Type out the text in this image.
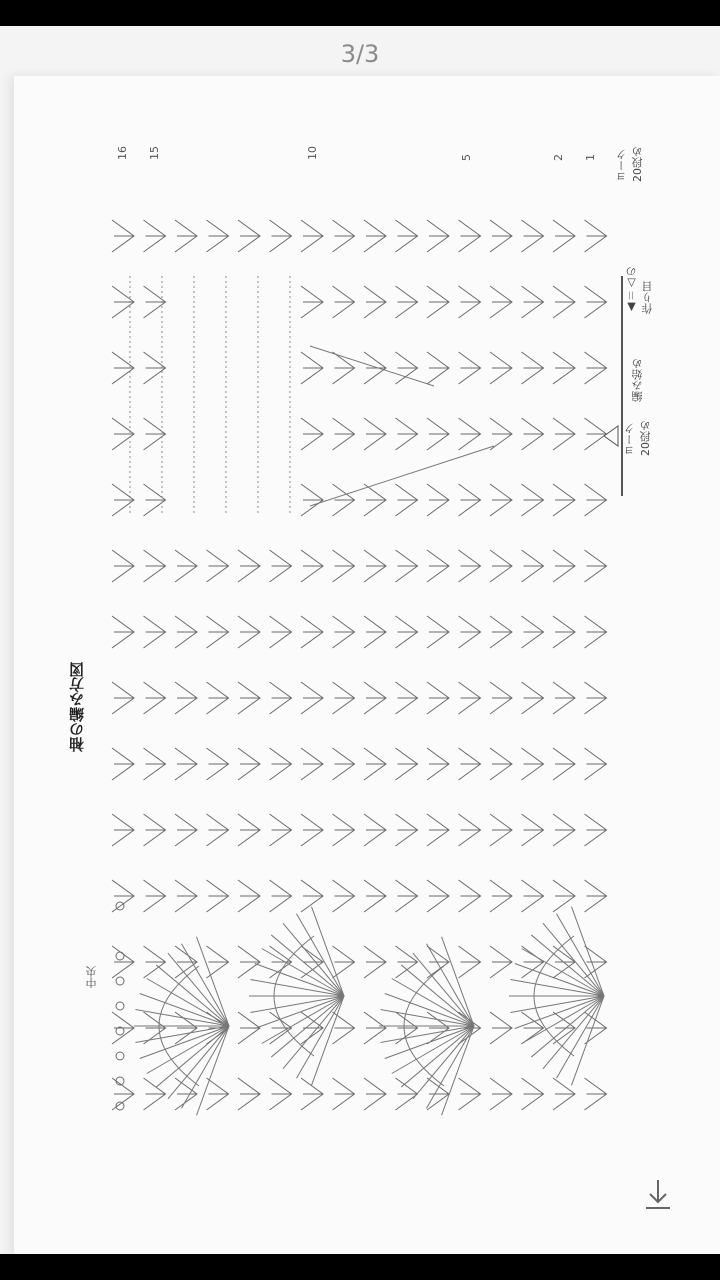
3/3
袖の編み方図
中央
16 15	10	5	2 1 ヨーク
20段め
▲＝△の
作り目
編み始め
ヨーク
20段め
